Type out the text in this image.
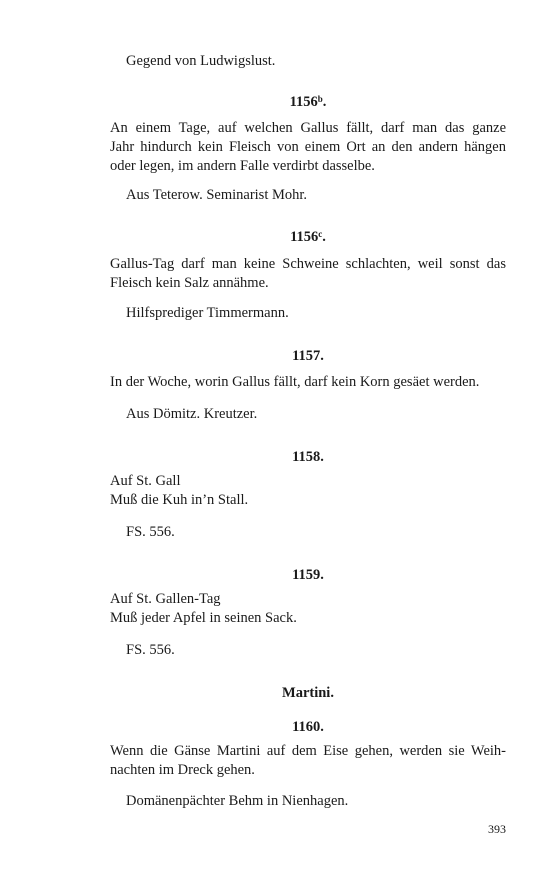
Gegend von Ludwigslust.
1156$^b$.
An einem Tage, auf welchen Gallus fällt, darf man das ganze
Jahr hindurch kein Fleisch von einem Ort an den andern hängen
oder legen, im andern Falle verdirbt dasselbe.
Aus Teterow. Seminarist Mohr.
1156$^c$.
Gallus-Tag darf man keine Schweine schlachten, weil sonst das
Fleisch kein Salz annähme.
Hilfsprediger Timmermann.
1157.
In der Woche, worin Gallus fällt, darf kein Korn gesäet werden.
Aus Dömitz. Kreutzer.
1158.
Auf St. Gall
Muß die Kuh in’n Stall.
FS. 556.
1159.
Auf St. Gallen-Tag
Muß jeder Apfel in seinen Sack.
FS. 556.
Martini.
1160.
Wenn die Gänse Martini auf dem Eise gehen, werden sie Weih-
nachten im Dreck gehen.
Domänenpächter Behm in Nienhagen.
393
